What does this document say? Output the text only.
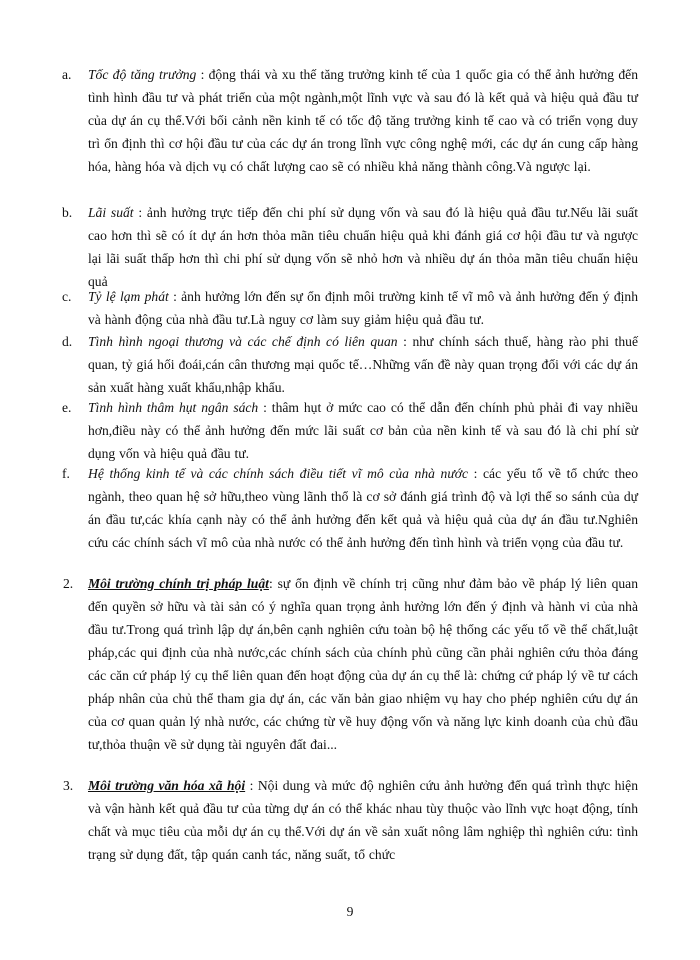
a. Tốc độ tăng trưởng : động thái và xu thế tăng trưởng kinh tế của 1 quốc gia có thể ảnh hưởng đến tình hình đầu tư và phát triển của một ngành,một lĩnh vực và sau đó là kết quả và hiệu quả đầu tư của dự án cụ thể.Với bối cảnh nền kinh tế có tốc độ tăng trưởng kinh tế cao và có triển vọng duy trì ổn định thì cơ hội đầu tư của các dự án trong lĩnh vực công nghệ mới, các dự án cung cấp hàng hóa, hàng hóa và dịch vụ có chất lượng cao sẽ có nhiều khả năng thành công.Và ngược lại.
b. Lãi suất : ảnh hưởng trực tiếp đến chi phí sử dụng vốn và sau đó là hiệu quả đầu tư.Nếu lãi suất cao hơn thì sẽ có ít dự án hơn thỏa mãn tiêu chuẩn hiệu quả khi đánh giá cơ hội đầu tư và ngược lại lãi suất thấp hơn thì chi phí sử dụng vốn sẽ nhỏ hơn và nhiều dự án thỏa mãn tiêu chuẩn hiệu quả
c. Tỷ lệ lạm phát : ảnh hưởng lớn đến sự ổn định môi trường kinh tế vĩ mô và ảnh hưởng đến ý định và hành động của nhà đầu tư.Là nguy cơ làm suy giảm hiệu quả đầu tư.
d. Tình hình ngoại thương và các chế định có liên quan : như chính sách thuế, hàng rào phi thuế quan, tỷ giá hối đoái,cán cân thương mại quốc tế…Những vấn đề này quan trọng đối với các dự án sản xuất hàng xuất khẩu,nhập khẩu.
e. Tình hình thâm hụt ngân sách : thâm hụt ở mức cao có thể dẫn đến chính phủ phải đi vay nhiều hơn,điều này có thể ảnh hưởng đến mức lãi suất cơ bản của nền kinh tế và sau đó là chi phí sử dụng vốn và hiệu quả đầu tư.
f. Hệ thống kinh tế và các chính sách điều tiết vĩ mô của nhà nước : các yếu tố về tổ chức theo ngành, theo quan hệ sở hữu,theo vùng lãnh thổ là cơ sở đánh giá trình độ và lợi thế so sánh của dự án đầu tư,các khía cạnh này có thể ảnh hưởng đến kết quả và hiệu quả của dự án đầu tư.Nghiên cứu các chính sách vĩ mô của nhà nước có thể ảnh hưởng đến tình hình và triển vọng của đầu tư.
2. Môi trường chính trị pháp luật: sự ổn định về chính trị cũng như đảm bảo về pháp lý liên quan đến quyền sở hữu và tài sản có ý nghĩa quan trọng ảnh hưởng lớn đến ý định và hành vi của nhà đầu tư.Trong quá trình lập dự án,bên cạnh nghiên cứu toàn bộ hệ thống các yếu tố về thể chất,luật pháp,các qui định của nhà nước,các chính sách của chính phủ cũng cần phải nghiên cứu thỏa đáng các căn cứ pháp lý cụ thể liên quan đến hoạt động của dự án cụ thể là: chứng cứ pháp lý về tư cách pháp nhân của chủ thể tham gia dự án, các văn bản giao nhiệm vụ hay cho phép nghiên cứu dự án của cơ quan quản lý nhà nước, các chứng từ về huy động vốn và năng lực kinh doanh của chủ đầu tư,thỏa thuận về sử dụng tài nguyên đất đai...
3. Môi trường văn hóa xã hội : Nội dung và mức độ nghiên cứu ảnh hưởng đến quá trình thực hiện và vận hành kết quả đầu tư của từng dự án có thể khác nhau tùy thuộc vào lĩnh vực hoạt động, tính chất và mục tiêu của mỗi dự án cụ thể.Với dự án về sản xuất nông lâm nghiệp thì nghiên cứu: tình trạng sử dụng đất, tập quán canh tác, năng suất, tổ chức
9
